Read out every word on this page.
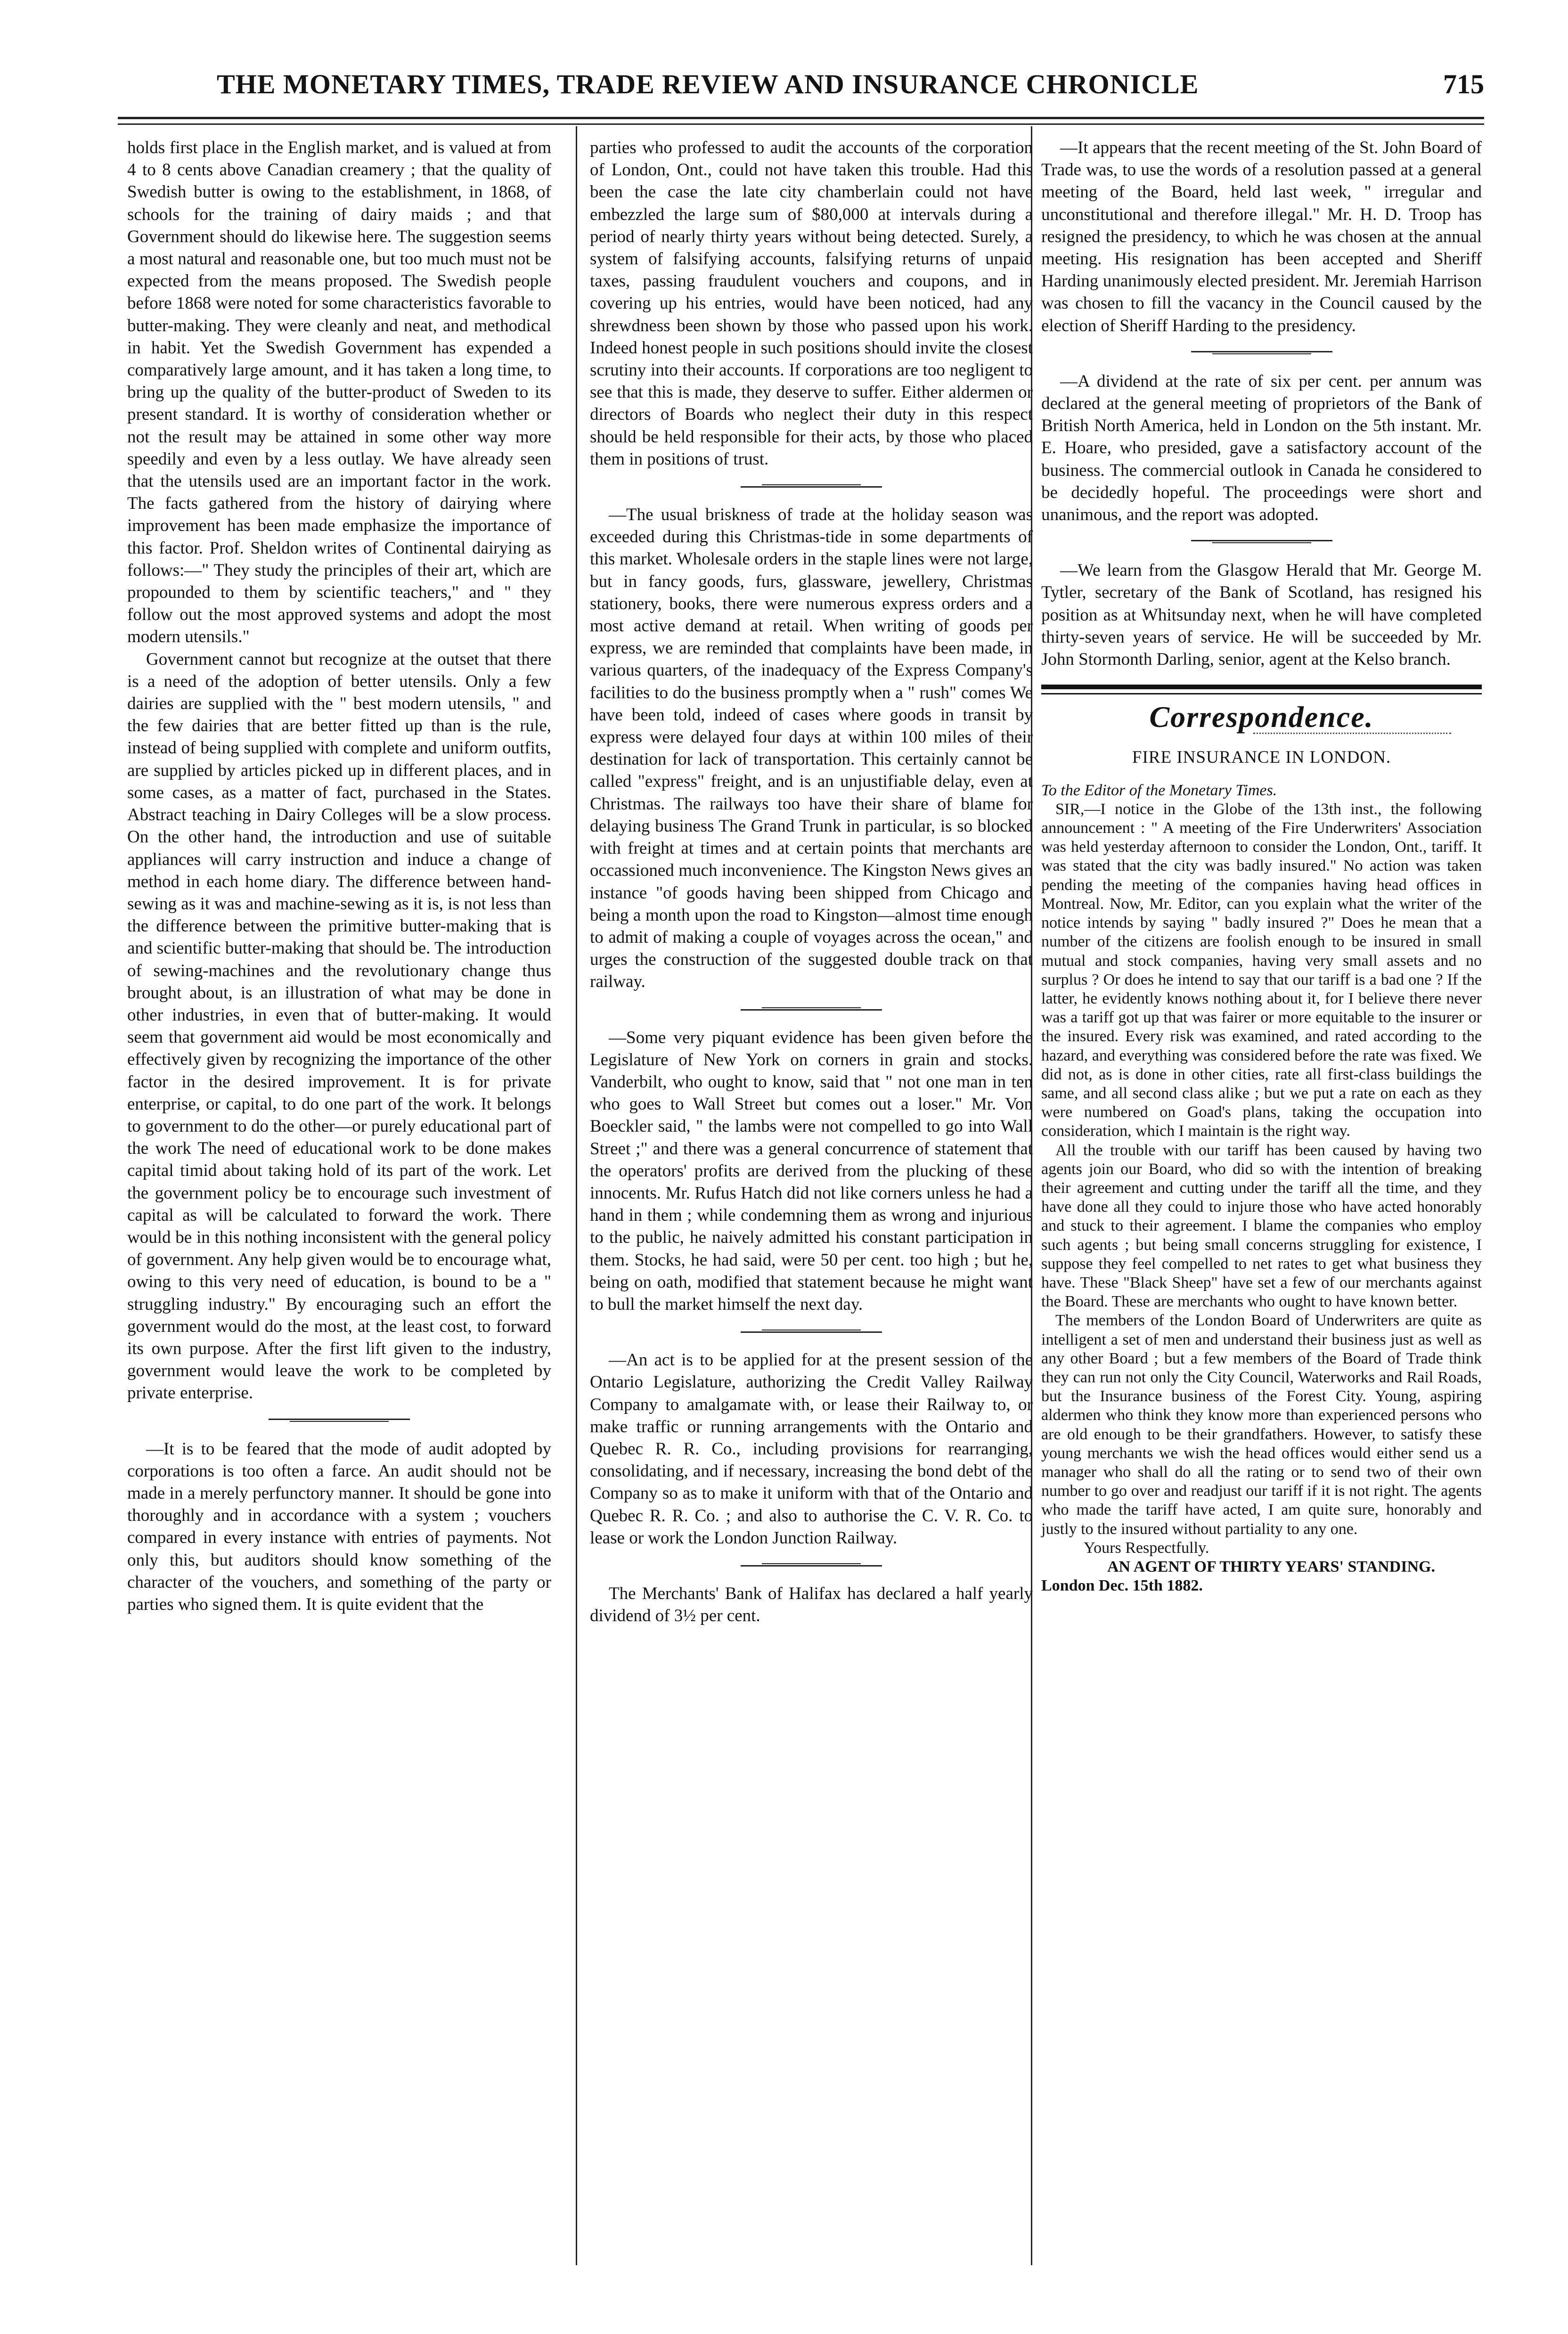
THE MONETARY TIMES, TRADE REVIEW AND INSURANCE CHRONICLE	715

holds first place in the English market, and is valued at from 4 to 8 cents above Canadian creamery ; that the quality of Swedish butter is owing to the establishment, in 1868, of schools for the training of dairy maids ; and that Government should do likewise here. The suggestion seems a most natural and reasonable one, but too much must not be expected from the means proposed. The Swedish people before 1868 were noted for some characteristics favorable to butter-making. They were cleanly and neat, and methodical in habit. Yet the Swedish Government has expended a comparatively large amount, and it has taken a long time, to bring up the quality of the butter-product of Sweden to its present standard. It is worthy of consideration whether or not the result may be attained in some other way more speedily and even by a less outlay. We have already seen that the utensils used are an important factor in the work. The facts gathered from the history of dairying where improvement has been made emphasize the importance of this factor. Prof. Sheldon writes of Continental dairying as follows:—" They study the principles of their art, which are propounded to them by scientific teachers," and " they follow out the most approved systems and adopt the most modern utensils."

Government cannot but recognize at the outset that there is a need of the adoption of better utensils. Only a few dairies are supplied with the " best modern utensils, " and the few dairies that are better fitted up than is the rule, instead of being supplied with complete and uniform outfits, are supplied by articles picked up in different places, and in some cases, as a matter of fact, purchased in the States. Abstract teaching in Dairy Colleges will be a slow process. On the other hand, the introduction and use of suitable appliances will carry instruction and induce a change of method in each home diary. The difference between hand-sewing as it was and machine-sewing as it is, is not less than the difference between the primitive butter-making that is and scientific butter-making that should be. The introduction of sewing-machines and the revolutionary change thus brought about, is an illustration of what may be done in other industries, in even that of butter-making. It would seem that government aid would be most economically and effectively given by recognizing the importance of the other factor in the desired improvement. It is for private enterprise, or capital, to do one part of the work. It belongs to government to do the other—or purely educational part of the work The need of educational work to be done makes capital timid about taking hold of its part of the work. Let the government policy be to encourage such investment of capital as will be calculated to forward the work. There would be in this nothing inconsistent with the general policy of government. Any help given would be to encourage what, owing to this very need of education, is bound to be a " struggling industry." By encouraging such an effort the government would do the most, at the least cost, to forward its own purpose. After the first lift given to the industry, government would leave the work to be completed by private enterprise.

—It is to be feared that the mode of audit adopted by corporations is too often a farce. An audit should not be made in a merely perfunctory manner. It should be gone into thoroughly and in accordance with a system ; vouchers compared in every instance with entries of payments. Not only this, but auditors should know something of the character of the vouchers, and something of the party or parties who signed them. It is quite evident that the

parties who professed to audit the accounts of the corporation of London, Ont., could not have taken this trouble. Had this been the case the late city chamberlain could not have embezzled the large sum of $80,000 at intervals during a period of nearly thirty years without being detected. Surely, a system of falsifying accounts, falsifying returns of unpaid taxes, passing fraudulent vouchers and coupons, and in covering up his entries, would have been noticed, had any shrewdness been shown by those who passed upon his work. Indeed honest people in such positions should invite the closest scrutiny into their accounts. If corporations are too negligent to see that this is made, they deserve to suffer. Either aldermen or directors of Boards who neglect their duty in this respect should be held responsible for their acts, by those who placed them in positions of trust.

—The usual briskness of trade at the holiday season was exceeded during this Christmas-tide in some departments of this market. Wholesale orders in the staple lines were not large, but in fancy goods, furs, glassware, jewellery, Christmas stationery, books, there were numerous express orders and a most active demand at retail. When writing of goods per express, we are reminded that complaints have been made, in various quarters, of the inadequacy of the Express Company's facilities to do the business promptly when a " rush" comes We have been told, indeed of cases where goods in transit by express were delayed four days at within 100 miles of their destination for lack of transportation. This certainly cannot be called "express" freight, and is an unjustifiable delay, even at Christmas. The railways too have their share of blame for delaying business The Grand Trunk in particular, is so blocked with freight at times and at certain points that merchants are occassioned much inconvenience. The Kingston News gives an instance "of goods having been shipped from Chicago and being a month upon the road to Kingston—almost time enough to admit of making a couple of voyages across the ocean," and urges the construction of the suggested double track on that railway.

—Some very piquant evidence has been given before the Legislature of New York on corners in grain and stocks. Vanderbilt, who ought to know, said that " not one man in ten who goes to Wall Street but comes out a loser." Mr. Von Boeckler said, " the lambs were not compelled to go into Wall Street ;" and there was a general concurrence of statement that the operators' profits are derived from the plucking of these innocents. Mr. Rufus Hatch did not like corners unless he had a hand in them ; while condemning them as wrong and injurious to the public, he naively admitted his constant participation in them. Stocks, he had said, were 50 per cent. too high ; but he, being on oath, modified that statement because he might want to bull the market himself the next day.

—An act is to be applied for at the present session of the Ontario Legislature, authorizing the Credit Valley Railway Company to amalgamate with, or lease their Railway to, or make traffic or running arrangements with the Ontario and Quebec R. R. Co., including provisions for rearranging, consolidating, and if necessary, increasing the bond debt of the Company so as to make it uniform with that of the Ontario and Quebec R. R. Co. ; and also to authorise the C. V. R. Co. to lease or work the London Junction Railway.

The Merchants' Bank of Halifax has declared a half yearly dividend of 3½ per cent.

—It appears that the recent meeting of the St. John Board of Trade was, to use the words of a resolution passed at a general meeting of the Board, held last week, " irregular and unconstitutional and therefore illegal." Mr. H. D. Troop has resigned the presidency, to which he was chosen at the annual meeting. His resignation has been accepted and Sheriff Harding unanimously elected president. Mr. Jeremiah Harrison was chosen to fill the vacancy in the Council caused by the election of Sheriff Harding to the presidency.

—A dividend at the rate of six per cent. per annum was declared at the general meeting of proprietors of the Bank of British North America, held in London on the 5th instant. Mr. E. Hoare, who presided, gave a satisfactory account of the business. The commercial outlook in Canada he considered to be decidedly hopeful. The proceedings were short and unanimous, and the report was adopted.

—We learn from the Glasgow Herald that Mr. George M. Tytler, secretary of the Bank of Scotland, has resigned his position as at Whitsunday next, when he will have completed thirty-seven years of service. He will be succeeded by Mr. John Stormonth Darling, senior, agent at the Kelso branch.

Correspondence.
FIRE INSURANCE IN LONDON.

To the Editor of the Monetary Times.

SIR,—I notice in the Globe of the 13th inst., the following announcement : " A meeting of the Fire Underwriters' Association was held yesterday afternoon to consider the London, Ont., tariff. It was stated that the city was badly insured." No action was taken pending the meeting of the companies having head offices in Montreal. Now, Mr. Editor, can you explain what the writer of the notice intends by saying " badly insured ?" Does he mean that a number of the citizens are foolish enough to be insured in small mutual and stock companies, having very small assets and no surplus ? Or does he intend to say that our tariff is a bad one ? If the latter, he evidently knows nothing about it, for I believe there never was a tariff got up that was fairer or more equitable to the insurer or the insured. Every risk was examined, and rated according to the hazard, and everything was considered before the rate was fixed. We did not, as is done in other cities, rate all first-class buildings the same, and all second class alike ; but we put a rate on each as they were numbered on Goad's plans, taking the occupation into consideration, which I maintain is the right way.

All the trouble with our tariff has been caused by having two agents join our Board, who did so with the intention of breaking their agreement and cutting under the tariff all the time, and they have done all they could to injure those who have acted honorably and stuck to their agreement. I blame the companies who employ such agents ; but being small concerns struggling for existence, I suppose they feel compelled to net rates to get what business they have. These "Black Sheep" have set a few of our merchants against the Board. These are merchants who ought to have known better.

The members of the London Board of Underwriters are quite as intelligent a set of men and understand their business just as well as any other Board ; but a few members of the Board of Trade think they can run not only the City Council, Waterworks and Rail Roads, but the Insurance business of the Forest City. Young, aspiring aldermen who think they know more than experienced persons who are old enough to be their grandfathers. However, to satisfy these young merchants we wish the head offices would either send us a manager who shall do all the rating or to send two of their own number to go over and readjust our tariff if it is not right. The agents who made the tariff have acted, I am quite sure, honorably and justly to the insured without partiality to any one.

Yours Respectfully.

AN AGENT OF THIRTY YEARS' STANDING.

London Dec. 15th 1882.
